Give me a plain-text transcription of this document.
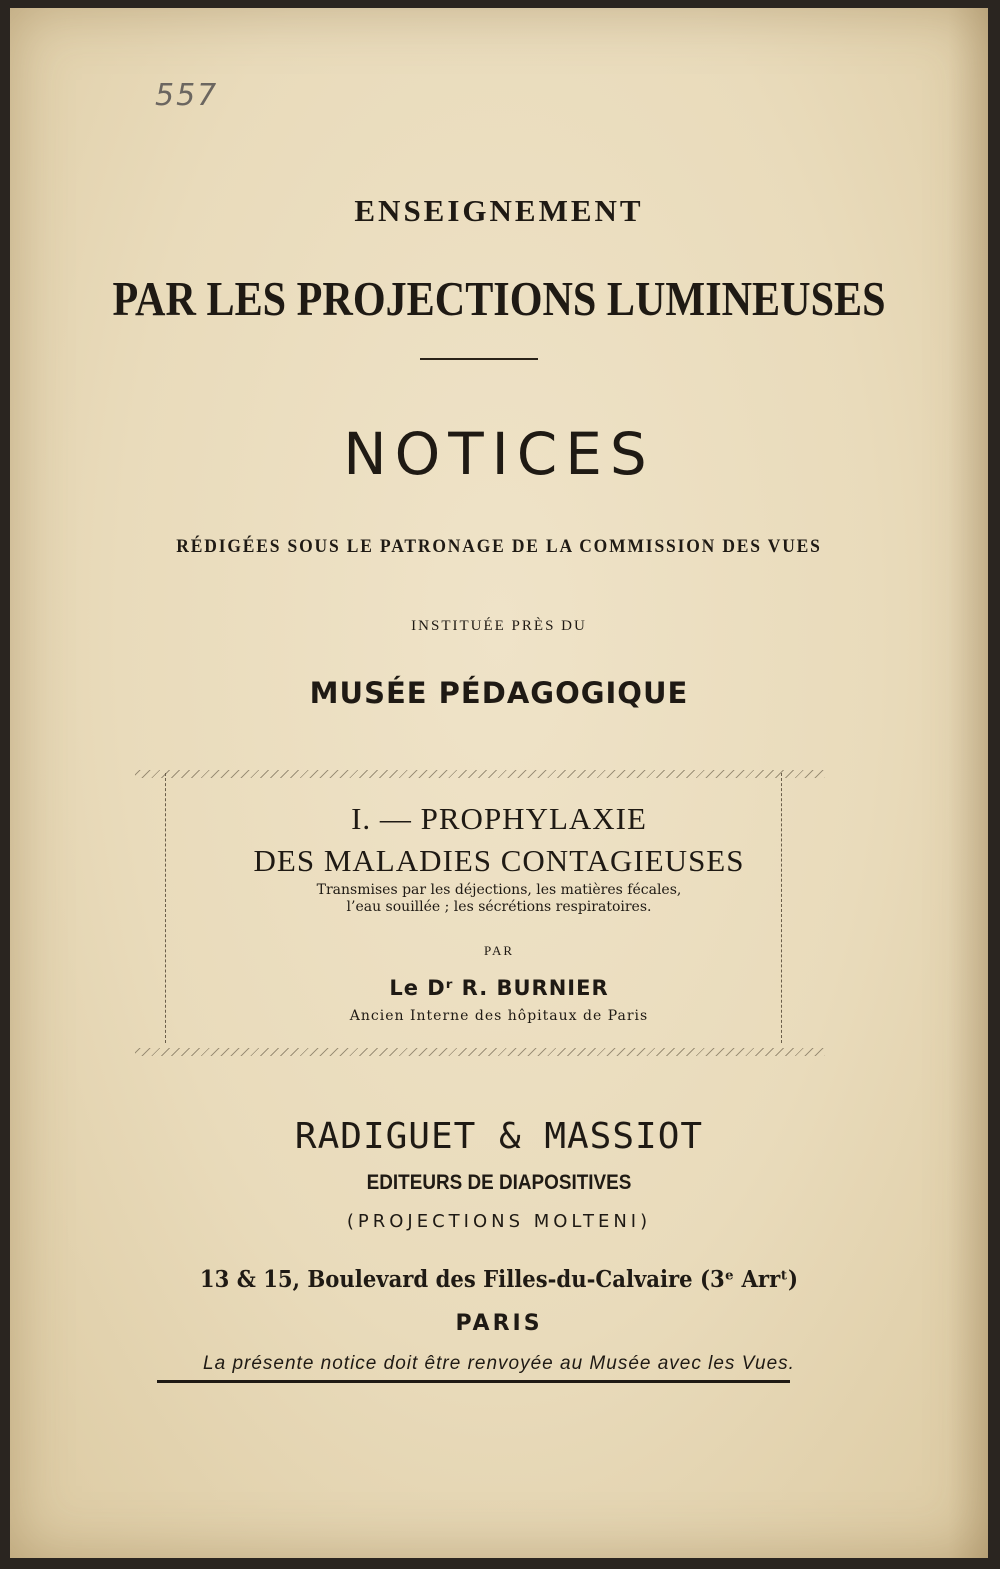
557
ENSEIGNEMENT
PAR LES PROJECTIONS LUMINEUSES
NOTICES
RÉDIGÉES SOUS LE PATRONAGE DE LA COMMISSION DES VUES
INSTITUÉE PRÈS DU
MUSÉE PÉDAGOGIQUE
I. — PROPHYLAXIE
DES MALADIES CONTAGIEUSES
Transmises par les déjections, les matières fécales,
l’eau souillée ; les sécrétions respiratoires.
PAR
Le Dʳ R. BURNIER
Ancien Interne des hôpitaux de Paris
RADIGUET & MASSIOT
EDITEURS DE DIAPOSITIVES
(PROJECTIONS MOLTENI)
13 & 15, Boulevard des Filles-du-Calvaire (3ᵉ Arrᵗ)
PARIS
La présente notice doit être renvoyée au Musée avec les Vues.
